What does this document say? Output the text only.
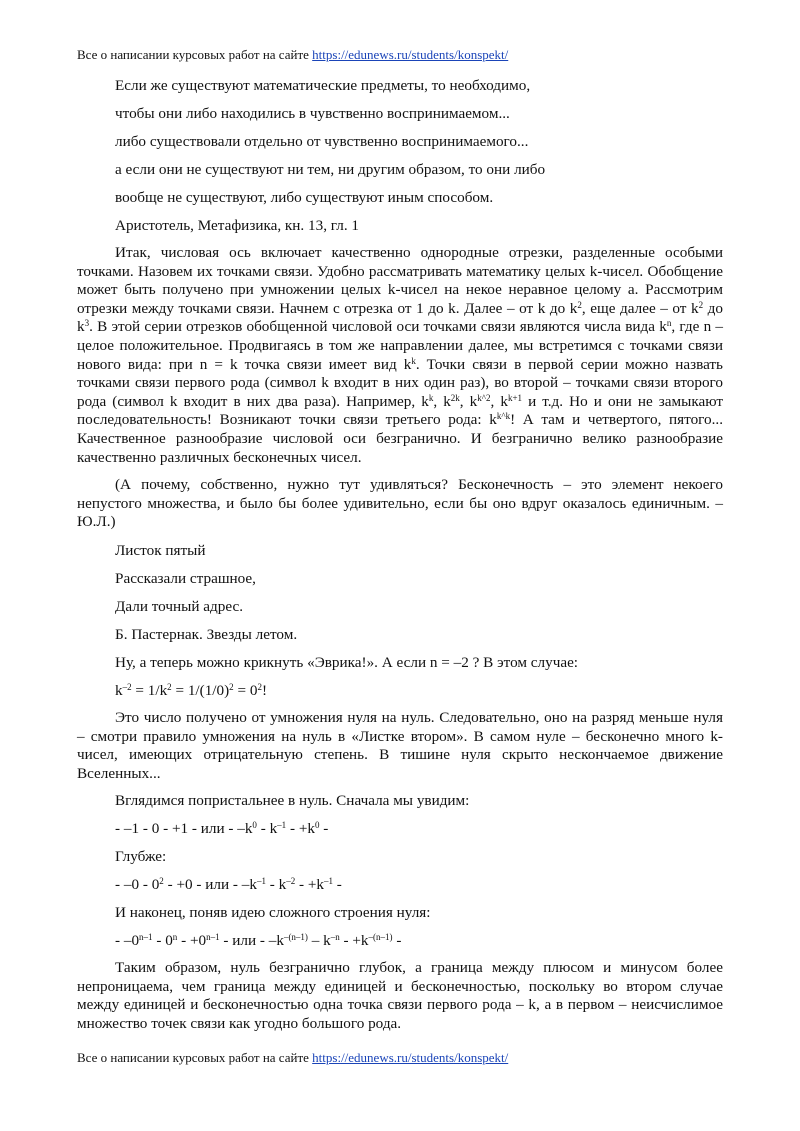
Все о написании курсовых работ на сайте https://edunews.ru/students/konspekt/
Если же существуют математические предметы, то необходимо,
чтобы они либо находились в чувственно воспринимаемом...
либо существовали отдельно от чувственно воспринимаемого...
а если они не существуют ни тем, ни другим образом, то они либо
вообще не существуют, либо существуют иным способом.
Аристотель, Метафизика, кн. 13, гл. 1

Итак, числовая ось включает качественно однородные отрезки, разделенные особыми точками. Назовем их точками связи. Удобно рассматривать математику целых k-чисел. Обобщение может быть получено при умножении целых k-чисел на некое неравное целому а. Рассмотрим отрезки между точками связи. Начнем с отрезка от 1 до k. Далее – от k до $k^2$, еще далее – от $k^2$ до $k^3$. В этой серии отрезков обобщенной числовой оси точками связи являются числа вида $k^n$, где n – целое положительное. Продвигаясь в том же направлении далее, мы встретимся с точками связи нового вида: при n = k точка связи имеет вид $k^k$. Точки связи в первой серии можно назвать точками связи первого рода (символ k входит в них один раз), во второй – точками связи второго рода (символ k входит в них два раза). Например, $k^k$, $k^{2k}$, $k^{k\^{}2}$, $k^{k+1}$ и т.д. Но и они не замыкают последовательность! Возникают точки связи третьего рода: $k^{k\^{}k}$! А там и четвертого, пятого... Качественное разнообразие числовой оси безгранично. И безгранично велико разнообразие качественно различных бесконечных чисел.

(А почему, собственно, нужно тут удивляться? Бесконечность – это элемент некоего непустого множества, и было бы более удивительно, если бы оно вдруг оказалось единичным. – Ю.Л.)

Листок пятый
Рассказали страшное,
Дали точный адрес.
Б. Пастернак. Звезды летом.
Ну, а теперь можно крикнуть «Эврика!». А если n = –2 ? В этом случае:
$k^{-2} = 1/k^2 = 1/(1/0)^2 = 0^2$!

Это число получено от умножения нуля на нуль. Следовательно, оно на разряд меньше нуля – смотри правило умножения на нуль в «Листке втором». В самом нуле – бесконечно много k-чисел, имеющих отрицательную степень. В тишине нуля скрыто нескончаемое движение Вселенных...

Вглядимся попристальнее в нуль. Сначала мы увидим:
- –1 - 0 - +1 - или - $-k^0 - k^{-1} - +k^0$ -
Глубже:
- $-0 - 0^2 - +0$ - или - $-k^{-1} - k^{-2} - +k^{-1}$ -
И наконец, поняв идею сложного строения нуля:
- $-0^{n-1} - 0^n - +0^{n-1}$ - или - $-k^{-(n-1)} - k^{-n} - +k^{-(n-1)}$ -

Таким образом, нуль безгранично глубок, а граница между плюсом и минусом более непроницаема, чем граница между единицей и бесконечностью, поскольку во втором случае между единицей и бесконечностью одна точка связи первого рода – k, а в первом – неисчислимое множество точек связи как угодно большого рода.

Все о написании курсовых работ на сайте https://edunews.ru/students/konspekt/
